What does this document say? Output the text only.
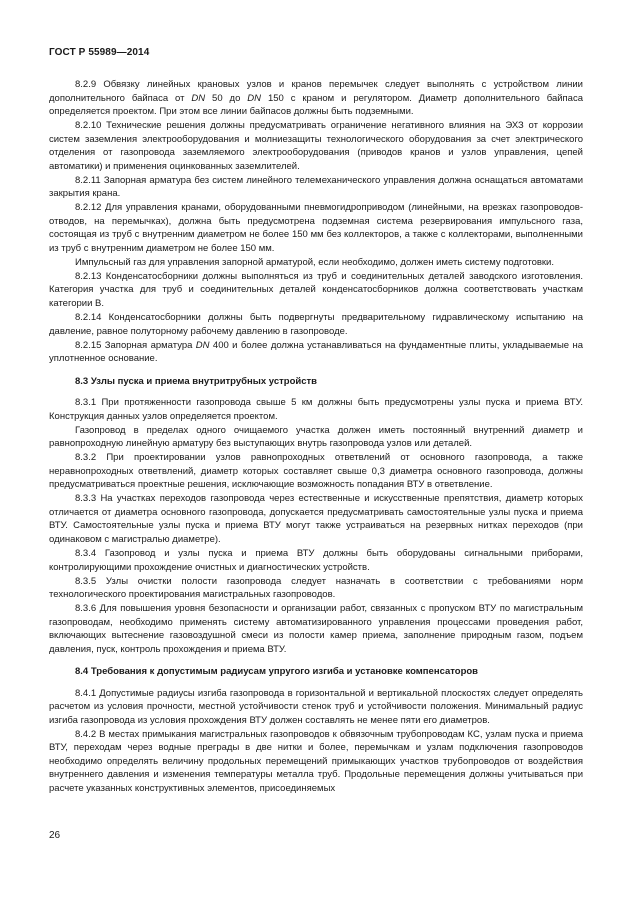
ГОСТ Р 55989—2014

8.2.9 Обвязку линейных крановых узлов и кранов перемычек следует выполнять с устройством линии дополнительного байпаса от DN 50 до DN 150 с краном и регулятором. Диаметр дополнительного байпаса определяется проектом. При этом все линии байпасов должны быть подземными.

8.2.10 Технические решения должны предусматривать ограничение негативного влияния на ЭХЗ от коррозии систем заземления электрооборудования и молниезащиты технологического оборудования за счет электрического отделения от газопровода заземляемого электрооборудования (приводов кранов и узлов управления, цепей автоматики) и применения оцинкованных заземлителей.

8.2.11 Запорная арматура без систем линейного телемеханического управления должна оснащаться автоматами закрытия крана.

8.2.12 Для управления кранами, оборудованными пневмогидроприводом (линейными, на врезках газопроводов-отводов, на перемычках), должна быть предусмотрена подземная система резервирования импульсного газа, состоящая из труб с внутренним диаметром не более 150 мм без коллекторов, а также с коллекторами, выполненными из труб с внутренним диаметром не более 150 мм.

Импульсный газ для управления запорной арматурой, если необходимо, должен иметь систему подготовки.

8.2.13 Конденсатосборники должны выполняться из труб и соединительных деталей заводского изготовления. Категория участка для труб и соединительных деталей конденсатосборников должна соответствовать участкам категории В.

8.2.14 Конденсатосборники должны быть подвергнуты предварительному гидравлическому испытанию на давление, равное полуторному рабочему давлению в газопроводе.

8.2.15 Запорная арматура DN 400 и более должна устанавливаться на фундаментные плиты, укладываемые на уплотненное основание.

8.3 Узлы пуска и приема внутритрубных устройств

8.3.1 При протяженности газопровода свыше 5 км должны быть предусмотрены узлы пуска и приема ВТУ. Конструкция данных узлов определяется проектом.

Газопровод в пределах одного очищаемого участка должен иметь постоянный внутренний диаметр и равнопроходную линейную арматуру без выступающих внутрь газопровода узлов или деталей.

8.3.2 При проектировании узлов равнопроходных ответвлений от основного газопровода, а также неравнопроходных ответвлений, диаметр которых составляет свыше 0,3 диаметра основного газопровода, должны предусматриваться проектные решения, исключающие возможность попадания ВТУ в ответвление.

8.3.3 На участках переходов газопровода через естественные и искусственные препятствия, диаметр которых отличается от диаметра основного газопровода, допускается предусматривать самостоятельные узлы пуска и приема ВТУ. Самостоятельные узлы пуска и приема ВТУ могут также устраиваться на резервных нитках переходов (при одинаковом с магистралью диаметре).

8.3.4 Газопровод и узлы пуска и приема ВТУ должны быть оборудованы сигнальными приборами, контролирующими прохождение очистных и диагностических устройств.

8.3.5 Узлы очистки полости газопровода следует назначать в соответствии с требованиями норм технологического проектирования магистральных газопроводов.

8.3.6 Для повышения уровня безопасности и организации работ, связанных с пропуском ВТУ по магистральным газопроводам, необходимо применять систему автоматизированного управления процессами проведения работ, включающих вытеснение газовоздушной смеси из полости камер приема, заполнение природным газом, подъем давления, пуск, контроль прохождения и приема ВТУ.

8.4 Требования к допустимым радиусам упругого изгиба и установке компенсаторов

8.4.1 Допустимые радиусы изгиба газопровода в горизонтальной и вертикальной плоскостях следует определять расчетом из условия прочности, местной устойчивости стенок труб и устойчивости положения. Минимальный радиус изгиба газопровода из условия прохождения ВТУ должен составлять не менее пяти его диаметров.

8.4.2 В местах примыкания магистральных газопроводов к обвязочным трубопроводам КС, узлам пуска и приема ВТУ, переходам через водные преграды в две нитки и более, перемычкам и узлам подключения газопроводов необходимо определять величину продольных перемещений примыкающих участков трубопроводов от воздействия внутреннего давления и изменения температуры металла труб. Продольные перемещения должны учитываться при расчете указанных конструктивных элементов, присоединяемых

26
